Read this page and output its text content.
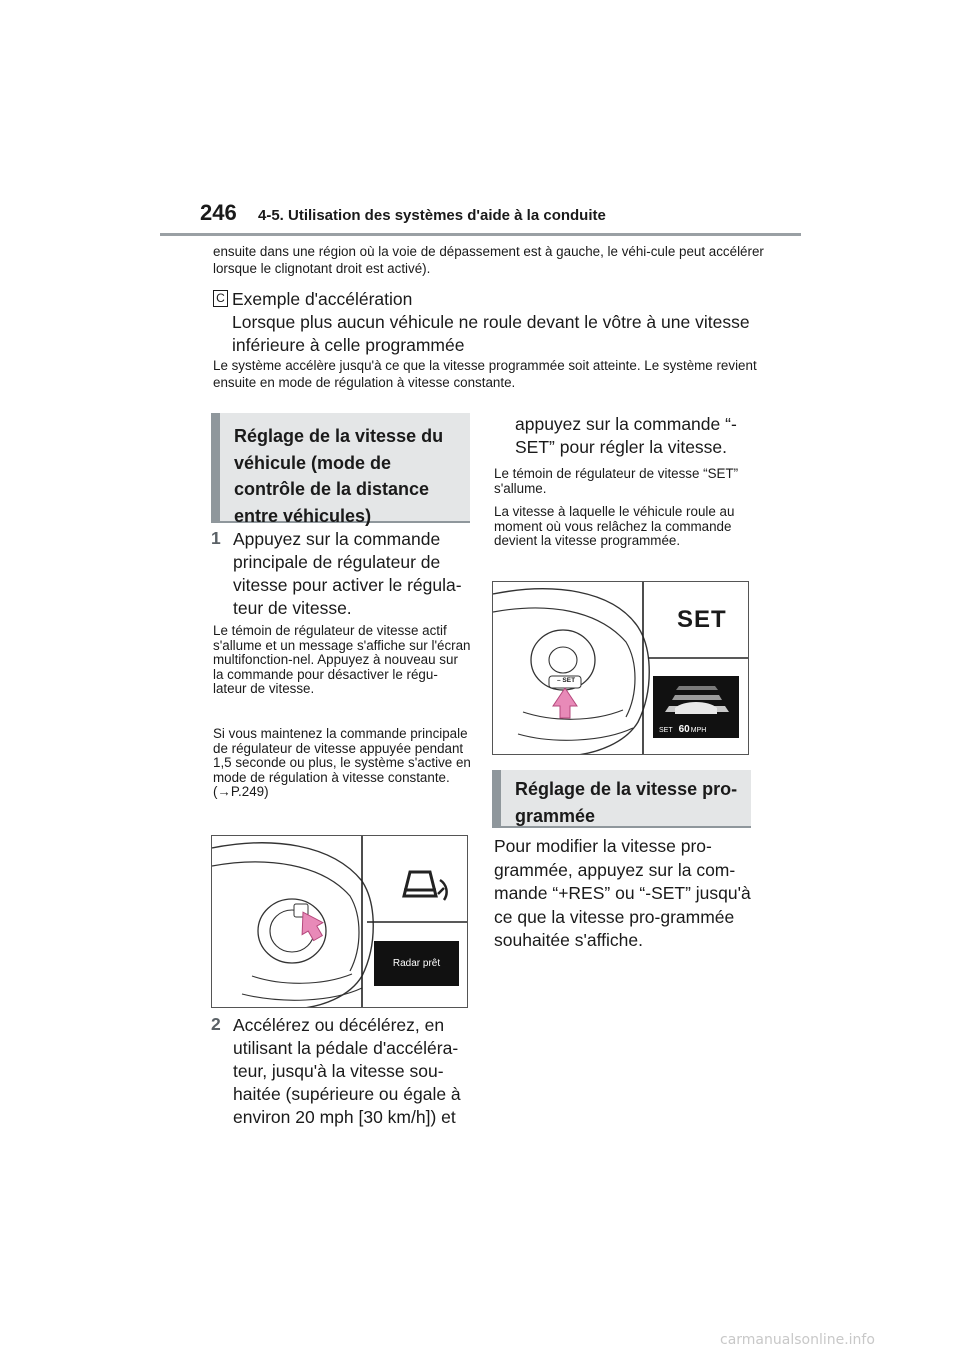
246 4-5. Utilisation des systèmes d'aide à la conduite
ensuite dans une région où la voie de dépassement est à gauche, le véhi-cule peut accélérer lorsque le clignotant droit est activé).
C Exemple d'accélération
Lorsque plus aucun véhicule ne roule devant le vôtre à une vitesse inférieure à celle programmée
Le système accélère jusqu'à ce que la vitesse programmée soit atteinte. Le système revient ensuite en mode de régulation à vitesse constante.
Réglage de la vitesse du véhicule (mode de contrôle de la distance entre véhicules)
1 Appuyez sur la commande principale de régulateur de vitesse pour activer le régula-teur de vitesse.
Le témoin de régulateur de vitesse actif s'allume et un message s'affiche sur l'écran multifonction-nel. Appuyez à nouveau sur la commande pour désactiver le régu-lateur de vitesse.
Si vous maintenez la commande principale de régulateur de vitesse appuyée pendant 1,5 seconde ou plus, le système s'active en mode de régulation à vitesse constante. (→P.249)
Radar prêt
2 Accélérez ou décélérez, en utilisant la pédale d'accéléra-teur, jusqu'à la vitesse sou-haitée (supérieure ou égale à environ 20 mph [30 km/h]) et
appuyez sur la commande “-SET” pour régler la vitesse.
Le témoin de régulateur de vitesse “SET” s'allume.
La vitesse à laquelle le véhicule roule au moment où vous relâchez la commande devient la vitesse programmée.
SET
– SET
SET 60 MPH
Réglage de la vitesse pro-grammée
Pour modifier la vitesse pro-grammée, appuyez sur la com-mande “+RES” ou “-SET” jusqu'à ce que la vitesse pro-grammée souhaitée s'affiche.
carmanualsonline.info
